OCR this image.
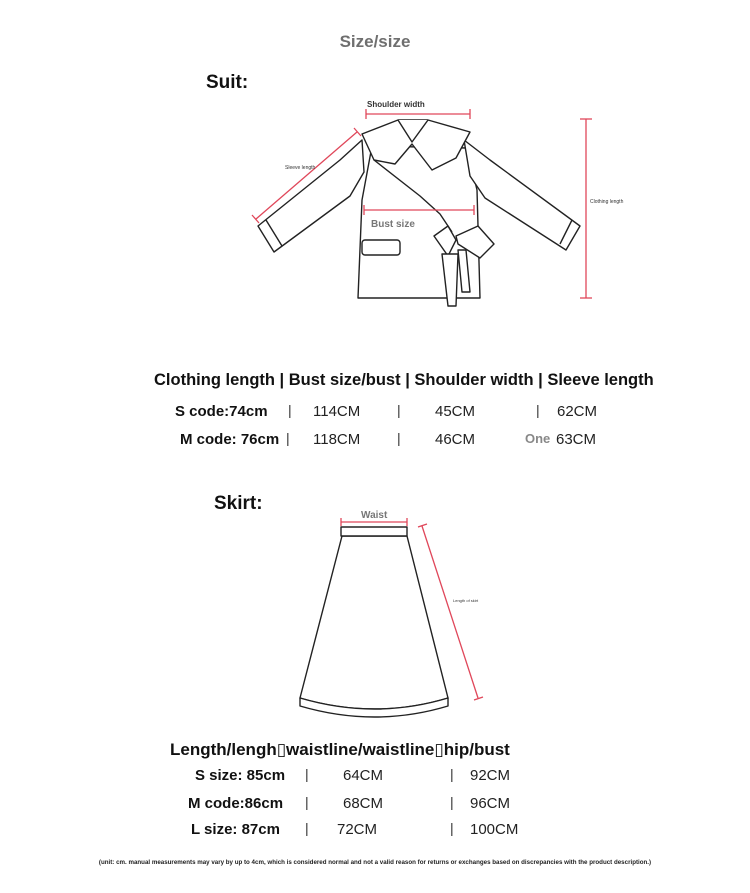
Size/size
Suit:
Shoulder width
Sleeve length
Clothing length
Bust size
Waist
Length of skirt
Clothing length | Bust size/bust | Shoulder width | Sleeve length
S code:74cm | 114CM	| 45CM	| 62CM
M code: 76cm | 118CM	| 46CM	One 63CM
Skirt:
Length/lengh▯waistline/waistline▯hip/bust
S size: 85cm | 64CM	| 92CM
M code:86cm | 68CM	| 96CM
L size: 87cm | 72CM	| 100CM
(unit: cm. manual measurements may vary by up to 4cm, which is considered normal and not a valid reason for returns or exchanges based on discrepancies with the product description.)
